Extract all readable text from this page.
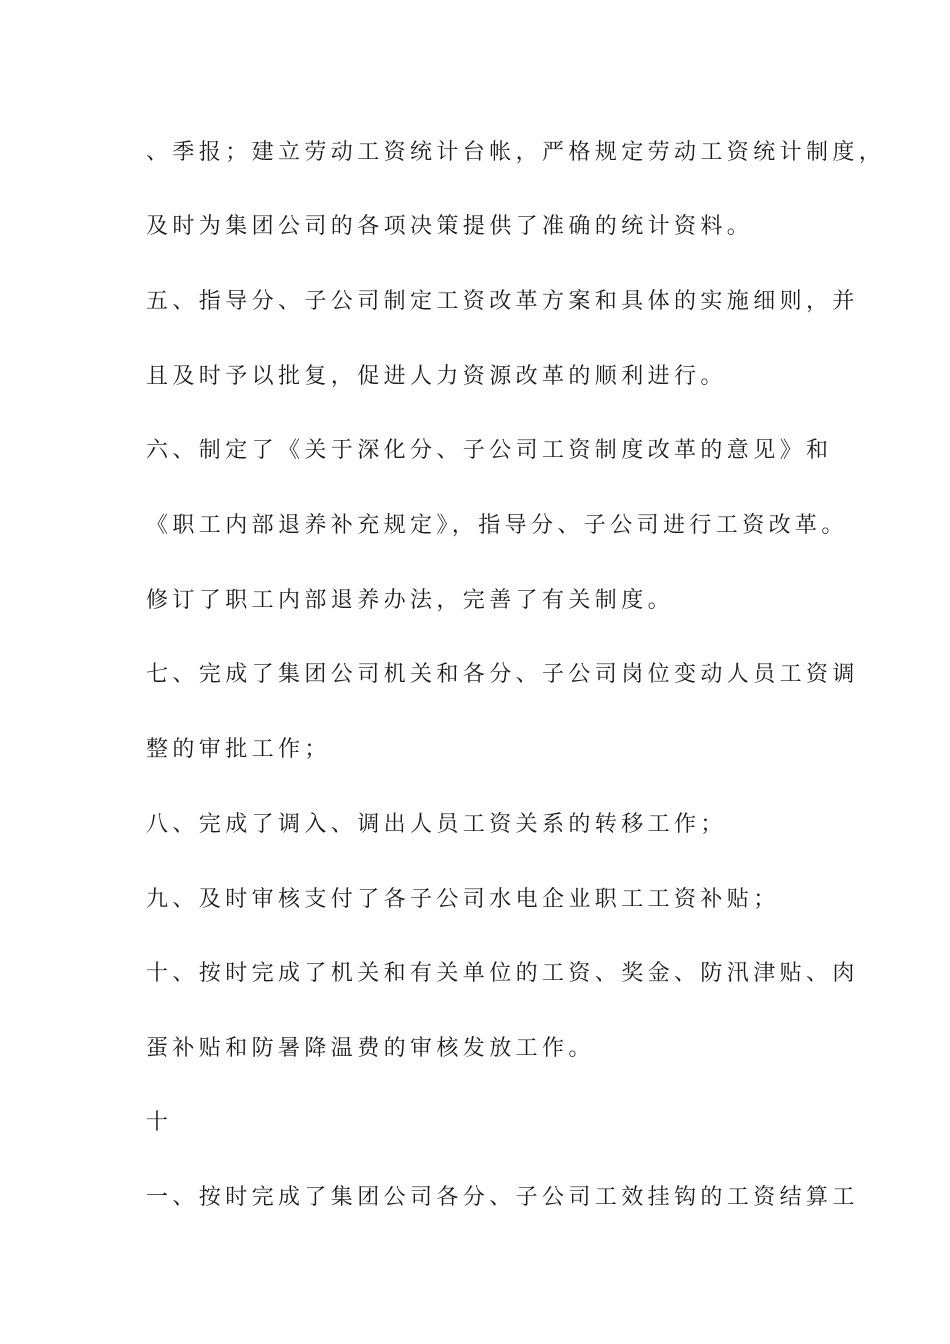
、季报；建立劳动工资统计台帐，严格规定劳动工资统计制度，
及时为集团公司的各项决策提供了准确的统计资料。
五、指导分、子公司制定工资改革方案和具体的实施细则，并
且及时予以批复，促进人力资源改革的顺利进行。
六、制定了《关于深化分、子公司工资制度改革的意见》和
《职工内部退养补充规定》，指导分、子公司进行工资改革。
修订了职工内部退养办法，完善了有关制度。
七、完成了集团公司机关和各分、子公司岗位变动人员工资调
整的审批工作；
八、完成了调入、调出人员工资关系的转移工作；
九、及时审核支付了各子公司水电企业职工工资补贴；
十、按时完成了机关和有关单位的工资、奖金、防汛津贴、肉
蛋补贴和防暑降温费的审核发放工作。
十
一、按时完成了集团公司各分、子公司工效挂钩的工资结算工
